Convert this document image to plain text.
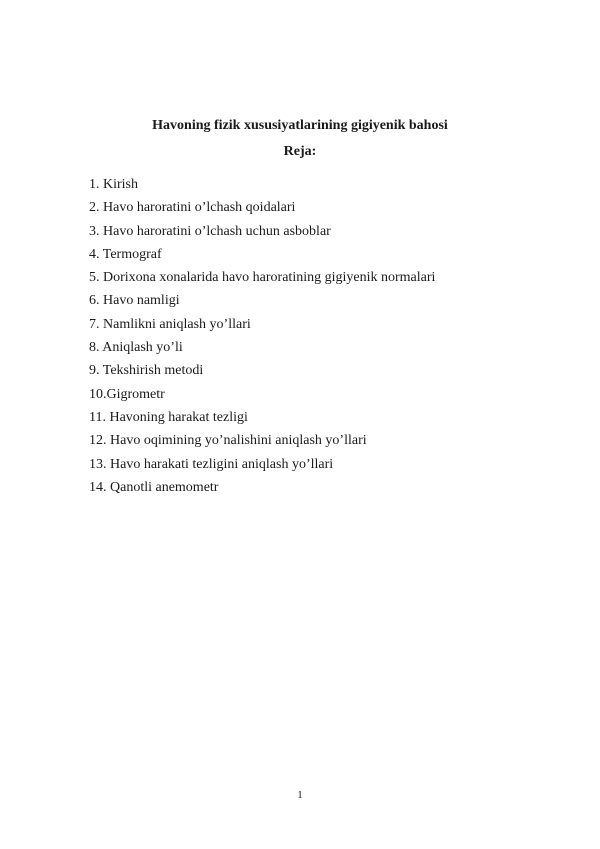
Havoning fizik xususiyatlarining gigiyenik bahosi
Reja:
1. Kirish
2. Havo haroratini o’lchash qoidalari
3. Havo haroratini o’lchash uchun asboblar
4. Termograf
5. Dorixona xonalarida havo haroratining gigiyenik normalari
6. Havo namligi
7. Namlikni aniqlash yo’llari
8. Aniqlash yo’li
9. Tekshirish metodi
10.Gigrometr
11. Havoning harakat tezligi
12. Havo oqimining yo’nalishini aniqlash yo’llari
13. Havo harakati tezligini aniqlash yo’llari
14. Qanotli anemometr
1
